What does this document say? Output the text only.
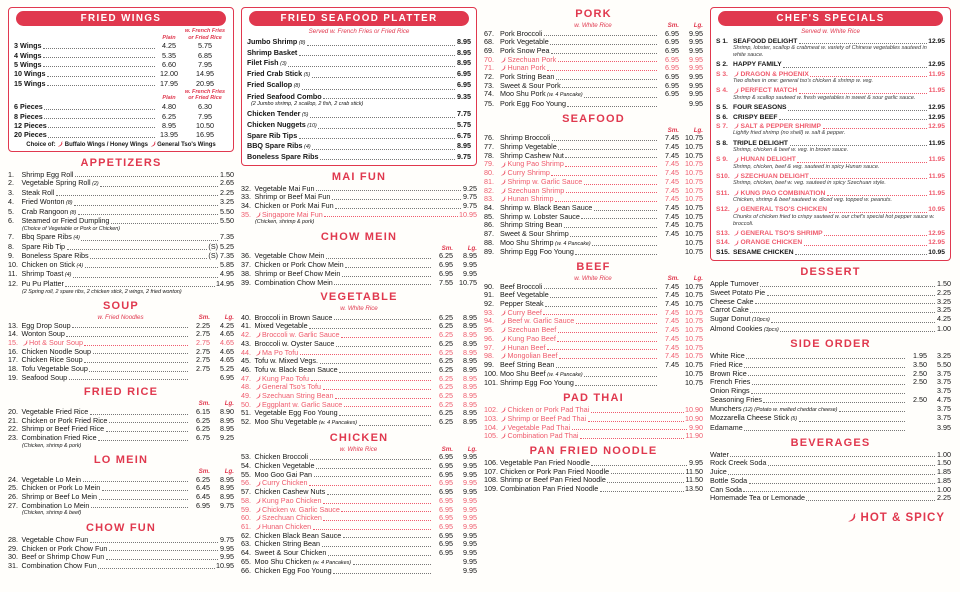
FRIED WINGS
Plain
w. French Fries or Fried Rice
3 Wings	4.25	5.75
4 Wings	5.35	6.85
5 Wings	6.60	7.95
10 Wings	12.00	14.95
15 Wings	17.95	20.95
Plain
w. French Fries or Fried Rice
6 Pieces	4.80	6.30
8 Pieces	6.25	7.95
12 Pieces	8.95	10.50
20 Pieces	13.95	16.95
Choice of: Buffalo Wings / Honey Wings General Tso's Wings
APPETIZERS
1.	Shrimp Egg Roll	1.50
2.	Vegetable Spring Roll (2)	2.65
3.	Steak Roll	2.25
4.	Fried Wonton (8)	3.25
5.	Crab Rangoon (8)	5.50
6.	Steamed or Fried Dumpling	5.50
(Choice of Vegetable or Pork or Chicken)
7.	Bbq Spare Ribs (4)	7.35
8.	Spare Rib Tip	(S) 5.25
9.	Boneless Spare Ribs	(S) 7.35
10. Chicken on Stick (4)	5.85
11. Shrimp Toast (4)	4.95
12. Pu Pu Platter	14.95
(2 Spring roll, 2 spare ribs, 2 chicken stick, 2 wings, 2 fried wonton)
SOUP
w. Fried Noodles	Sm.	Lg.
13. Egg Drop Soup	2.25	4.25
14. Wonton Soup	2.75	4.65
15.	Hot & Sour Soup	2.75	4.65
16. Chicken Noodle Soup	2.75	4.65
17. Chicken Rice Soup	2.75	4.65
18. Tofu Vegetable Soup	2.75	5.25
19. Seafood Soup	6.95
FRIED RICE
Sm.	Lg.
20. Vegetable Fried Rice	6.15	8.90
21. Chicken or Pork Fried Rice	6.25	8.95
22. Shrimp or Beef Fried Rice	6.25	8.95
23. Combination Fried Rice	6.75	9.25
(Chicken, shrimp & pork)
LO MEIN
Sm.	Lg.
24. Vegetable Lo Mein	6.25	8.95
25. Chicken or Pork Lo Mein	6.45	8.95
26. Shrimp or Beef Lo Mein	6.45	8.95
27. Combination Lo Mein	6.95	9.75
(Chicken, shrimp & beef)
CHOW FUN
28. Vegetable Chow Fun	9.75
29. Chicken or Pork Chow Fun	9.95
30. Beef or Shrimp Chow Fun	9.95
31. Combination Chow Fun	10.95
FRIED SEAFOOD PLATTER
Served w. French Fries or Fried Rice
Jumbo Shrimp (8)	8.95
Shrimp Basket	8.95
Filet Fish (3)	8.95
Fried Crab Stick (5)	6.95
Fried Scallop (8)	6.95
Fried Seafood Combo	9.35
(2 Jumbo shrimp, 2 scallop, 2 fish, 2 crab stick)
Chicken Tender (5)	7.75
Chicken Nuggets (10)	5.75
Spare Rib Tips	6.75
BBQ Spare Ribs (4)	8.95
Boneless Spare Ribs	9.75
MAI FUN
32. Vegetable Mai Fun	9.25
33. Shrimp or Beef Mai Fun	9.75
34. Chicken or Pork Mai Fun	9.75
35.	Singapore Mai Fun	10.95
(Chicken, shrimp & pork)
CHOW MEIN
Sm.	Lg.
36. Vegetable Chow Mein	6.25	8.95
37. Chicken or Pork Chow Mein	6.95	9.95
38. Shrimp or Beef Chow Mein	6.95	9.95
39. Combination Chow Mein	7.55 10.75
VEGETABLE
w. White Rice
40. Broccoli in Brown Sauce	6.25	8.95
41. Mixed Vegetable	6.25	8.95
42.	Broccoli w. Garlic Sauce	6.25	8.95
43. Broccoli w. Oyster Sauce	6.25	8.95
44.	Ma Po Tofu	6.25	8.95
45. Tofu w. Mixed Vegs.	6.25	8.95
46. Tofu w. Black Bean Sauce	6.25	8.95
47.	Kung Pao Tofu	6.25	8.95
48.	General Tso's Tofu	6.25	8.95
49.	Szechuan String Bean	6.25	8.95
50.	Eggplant w. Garlic Sauce	6.25	8.95
51. Vegetable Egg Foo Young	6.25	8.95
52. Moo Shu Vegetable (w. 4 Pancakes)	6.25	8.95
CHICKEN
w. White Rice	Sm.	Lg.
53. Chicken Broccoli	6.95	9.95
54. Chicken Vegetable	6.95	9.95
55. Moo Goo Gai Pan	6.95	9.95
56.	Curry Chicken	6.95	9.95
57. Chicken Cashew Nuts	6.95	9.95
58.	Kung Pao Chicken	6.95	9.95
59.	Chicken w. Garlic Sauce	6.95	9.95
60.	Szechuan Chicken	6.95	9.95
61.	Hunan Chicken	6.95	9.95
62. Chicken Black Bean Sauce	6.95	9.95
63. Chicken String Bean	6.95	9.95
64. Sweet & Sour Chicken	6.95	9.95
65. Moo Shu Chicken (w. 4 Pancakes)	9.95
66. Chicken Egg Foo Young	9.95
PORK
w. White Rice	Sm.	Lg.
67. Pork Broccoli	6.95	9.95
68. Pork Vegetable	6.95	9.95
69. Pork Snow Pea	6.95	9.95
70.	Szechuan Pork	6.95	9.95
71.	Hunan Pork	6.95	9.95
72. Pork String Bean	6.95	9.95
73. Sweet & Sour Pork	6.95	9.95
74. Moo Shu Pork (w. 4 Pancake)	6.95	9.95
75. Pork Egg Foo Young	9.95
SEAFOOD
Sm.	Lg.
76. Shrimp Broccoli	7.45 10.75
77. Shrimp Vegetable	7.45 10.75
78. Shrimp Cashew Nut	7.45 10.75
79.	Kung Pao Shrimp	7.45 10.75
80.	Curry Shrimp	7.45 10.75
81.	Shrimp w. Garlic Sauce	7.45 10.75
82.	Szechuan Shrimp	7.45 10.75
83.	Hunan Shrimp	7.45 10.75
84. Shrimp w. Black Bean Sauce	7.45 10.75
85. Shrimp w. Lobster Sauce	7.45 10.75
86. Shrimp String Bean	7.45 10.75
87. Sweet & Sour Shrimp	7.45 10.75
88. Moo Shu Shrimp (w. 4 Pancake)	10.75
89. Shrimp Egg Foo Young	10.75
BEEF
w. White Rice	Sm.	Lg.
90. Beef Broccoli	7.45 10.75
91. Beef Vegetable	7.45 10.75
92. Pepper Steak	7.45 10.75
93.	Curry Beef	7.45 10.75
94.	Beef w. Garlic Sauce	7.45 10.75
95.	Szechuan Beef	7.45 10.75
96.	Kung Pao Beef	7.45 10.75
97.	Hunan Beef	7.45 10.75
98.	Mongolian Beef	7.45 10.75
99. Beef String Bean	7.45 10.75
100. Moo Shu Beef (w. 4 Pancake)	10.75
101. Shrimp Egg Foo Young	10.75
PAD THAI
102. Chicken or Pork Pad Thai	10.90
103. Shrimp or Beef Pad Thai	10.90
104. Vegetable Pad Thai	9.90
105. Combination Pad Thai	11.90
PAN FRIED NOODLE
106. Vegetable Pan Fried Noodle	9.95
107. Chicken or Pork Pan Fried Noodle	11.50
108. Shrimp or Beef Pan Fried Noodle	11.50
109. Combination Pan Fried Noodle	13.50
CHEF'S SPECIALS
Served w. White Rice
S 1. SEAFOOD DELIGHT	12.95
Shrimp, lobster, scallop & crabmeat w. variety of Chinese vegetables sauteed in white sauce.
S 2. HAPPY FAMILY	12.95
S 3.	DRAGON & PHOENIX	11.95
Two dishes in one: general tso's chicken & shrimp w. veg.
S 4.	PERFECT MATCH	11.95
Shrimp & scallop sauteed w. fresh vegetables in sweet & sour garlic sauce.
S 5. FOUR SEASONS	12.95
S 6. CRISPY BEEF	12.95
S 7.	SALT & PEPPER SHRIMP	12.95
Lightly fried shrimp (no shell) w. salt & pepper.
S 8. TRIPLE DELIGHT	11.95
Shrimp, chicken & beef w. veg. in brown sauce.
S 9.	HUNAN DELIGHT	11.95
Shrimp, chicken, beef & veg. sauteed in spicy Hunan sauce.
S10.	SZECHUAN DELIGHT	11.95
Shrimp, chicken, beef w. veg. sauteed in spicy Szechuan style.
S11.	KUNG PAO COMBINATION	11.95
Chicken, shrimp & beef sauteed w. diced veg. topped w. peanuts.
S12.	GENERAL TSO'S CHICKEN	10.95
Chunks of chicken fried to crispy sauteed w. our chef's special hot pepper sauce w. broccoli.
S13.	GENERAL TSO'S SHRIMP	12.95
S14.	ORANGE CHICKEN	12.95
S15. SESAME CHICKEN	10.95
DESSERT
Apple Turnover	1.50
Sweet Potato Pie	2.25
Cheese Cake	3.25
Carrot Cake	3.25
Sugar Donut (10pcs)	4.25
Almond Cookies (3pcs)	1.00
SIDE ORDER
White Rice	1.95	3.25
Fried Rice	3.50	5.50
Brown Rice	2.50	3.75
French Fries	2.50	3.75
Onion Rings	3.75
Seasoning Fries	2.50	4.75
Munchers (12) (Potato w. melted cheddar cheese)	3.75
Mozzarella Cheese Stick (5)	3.75
Edamame	3.95
BEVERAGES
Water	1.00
Rock Creek Soda	1.50
Juice	1.85
Bottle Soda	1.85
Can Soda	1.00
Homemade Tea or Lemonade	2.25
HOT & SPICY
